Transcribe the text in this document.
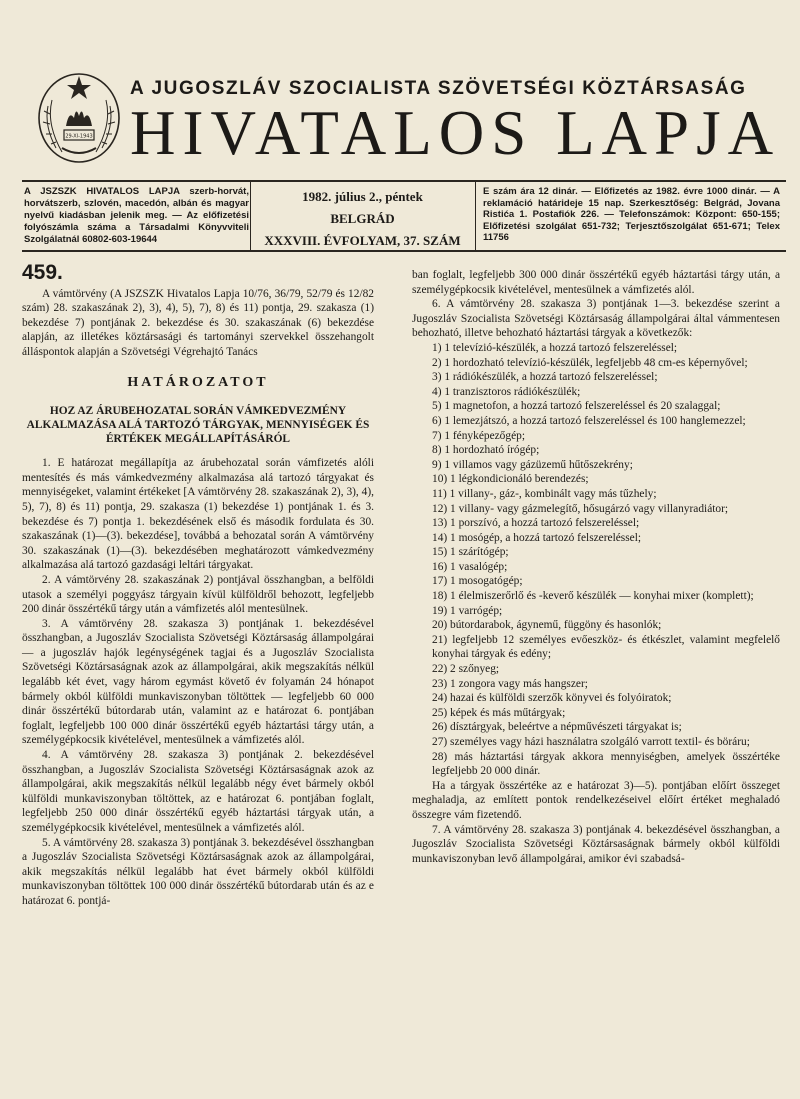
29-XI-1943
A JUGOSZLÁV SZOCIALISTA SZÖVETSÉGI KÖZTÁRSASÁG
HIVATALOS LAPJA
A JSZSZK HIVATALOS LAPJA szerb-horvát, horvátszerb, szlovén, macedón, albán és magyar nyelvű kiadásban jelenik meg. — Az előfizetési folyószámla száma a Társadalmi Könyvviteli Szolgálatnál 60802-603-19644
1982. július 2., péntek
BELGRÁD
XXXVIII. ÉVFOLYAM, 37. SZÁM
E szám ára 12 dinár. — Előfizetés az 1982. évre 1000 dinár. — A reklamáció határideje 15 nap. Szerkesztőség: Belgrád, Jovana Ristića 1. Postafiók 226. — Telefonszámok: Központ: 650-155; Előfizetési szolgálat 651-732; Terjesztőszolgálat 651-671; Telex 11756
459.

A vámtörvény (A JSZSZK Hivatalos Lapja 10/76, 36/79, 52/79 és 12/82 szám) 28. szakaszának 2), 3), 4), 5), 7), 8) és 11) pontja, 29. szakasza (1) bekezdése 7) pontjának 2. bekezdése és 30. szakaszának (6) bekezdése alapján, az illetékes köztársasági és tartományi szervekkel összehangolt álláspontok alapján a Szövetségi Végrehajtó Tanács

HATÁROZATOT
HOZ AZ ÁRUBEHOZATAL SORÁN VÁMKEDVEZMÉNY ALKALMAZÁSA ALÁ TARTOZÓ TÁRGYAK, MENNYISÉGEK ÉS ÉRTÉKEK MEGÁLLAPÍTÁSÁRÓL

1. E határozat megállapítja az árubehozatal során vámfizetés alóli mentesítés és más vámkedvezmény alkalmazása alá tartozó tárgyakat és mennyiségeket, valamint értékeket [A vámtörvény 28. szakaszának 2), 3), 4), 5), 7), 8) és 11) pontja, 29. szakasza (1) bekezdése 1) pontjának 1. és 3. bekezdése és 7) pontja 1. bekezdésének első és második fordulata és 30. szakaszának (1)—(3). bekezdése], továbbá a behozatal során A vámtörvény 30. szakaszának (1)—(3). bekezdésében meghatározott vámkedvezmény alkalmazása alá tartozó gazdasági leltári tárgyakat.

2. A vámtörvény 28. szakaszának 2) pontjával összhangban, a belföldi utasok a személyi poggyász tárgyain kívül külföldről behozott, legfeljebb 200 dinár összértékű tárgy után a vámfizetés alól mentesülnek.

3. A vámtörvény 28. szakasza 3) pontjának 1. bekezdésével összhangban, a Jugoszláv Szocialista Szövetségi Köztársaság állampolgárai — a jugoszláv hajók legénységének tagjai és a Jugoszláv Szocialista Szövetségi Köztársaságnak azok az állampolgárai, akik megszakítás nélkül legalább két évet, vagy három egymást követő év folyamán 24 hónapot bármely okból külföldi munkaviszonyban töltöttek — legfeljebb 60 000 dinár összértékű bútordarab után, valamint az e határozat 6. pontjában foglalt, legfeljebb 100 000 dinár összértékű egyéb háztartási tárgy után, a személygépkocsik kivételével, mentesülnek a vámfizetés alól.

4. A vámtörvény 28. szakasza 3) pontjának 2. bekezdésével összhangban, a Jugoszláv Szocialista Szövetségi Köztársaságnak azok az állampolgárai, akik megszakítás nélkül legalább négy évet bármely okból külföldi munkaviszonyban töltöttek, az e határozat 6. pontjában foglalt, legfeljebb 250 000 dinár összértékű egyéb háztartási tárgyak után, a személygépkocsik kivételével, mentesülnek a vámfizetés alól.

5. A vámtörvény 28. szakasza 3) pontjának 3. bekezdésével összhangban a Jugoszláv Szocialista Szövetségi Köztársaságnak azok az állampolgárai, akik megszakítás nélkül legalább hat évet bármely okból külföldi munkaviszonyban töltöttek 100 000 dinár összértékű bútordarab után és az e határozat 6. pontjá-

ban foglalt, legfeljebb 300 000 dinár összértékű egyéb háztartási tárgy után, a személygépkocsik kivételével, mentesülnek a vámfizetés alól.

6. A vámtörvény 28. szakasza 3) pontjának 1—3. bekezdése szerint a Jugoszláv Szocialista Szövetségi Köztársaság állampolgárai által vámmentesen behozható, illetve behozható háztartási tárgyak a következők:

1) 1 televízió-készülék, a hozzá tartozó felszereléssel;

2) 1 hordozható televízió-készülék, legfeljebb 48 cm-es képernyővel;

3) 1 rádiókészülék, a hozzá tartozó felszereléssel;

4) 1 tranzisztoros rádiókészülék;

5) 1 magnetofon, a hozzá tartozó felszereléssel és 20 szalaggal;

6) 1 lemezjátszó, a hozzá tartozó felszereléssel és 100 hanglemezzel;

7) 1 fényképezőgép;

8) 1 hordozható írógép;

9) 1 villamos vagy gázüzemű hűtőszekrény;

10) 1 légkondicionáló berendezés;

11) 1 villany-, gáz-, kombinált vagy más tűzhely;

12) 1 villany- vagy gázmelegítő, hősugárzó vagy villanyradiátor;

13) 1 porszívó, a hozzá tartozó felszereléssel;

14) 1 mosógép, a hozzá tartozó felszereléssel;

15) 1 szárítógép;

16) 1 vasalógép;

17) 1 mosogatógép;

18) 1 élelmiszerőrlő és -keverő készülék — konyhai mixer (komplett);

19) 1 varrógép;

20) bútordarabok, ágynemű, függöny és hasonlók;

21) legfeljebb 12 személyes evőeszköz- és étkészlet, valamint megfelelő konyhai tárgyak és edény;

22) 2 szőnyeg;

23) 1 zongora vagy más hangszer;

24) hazai és külföldi szerzők könyvei és folyóiratok;

25) képek és más műtárgyak;

26) dísztárgyak, beleértve a népművészeti tárgyakat is;

27) személyes vagy házi használatra szolgáló varrott textil- és böráru;

28) más háztartási tárgyak akkora mennyiségben, amelyek összértéke legfeljebb 20 000 dinár.

Ha a tárgyak összértéke az e határozat 3)—5). pontjában előírt összeget meghaladja, az említett pontok rendelkezéseivel előírt értéket meghaladó összegre vám fizetendő.

7. A vámtörvény 28. szakasza 3) pontjának 4. bekezdésével összhangban, a Jugoszláv Szocialista Szövetségi Köztársaságnak bármely okból külföldi munkaviszonyban levő állampolgárai, amikor évi szabadsá-
